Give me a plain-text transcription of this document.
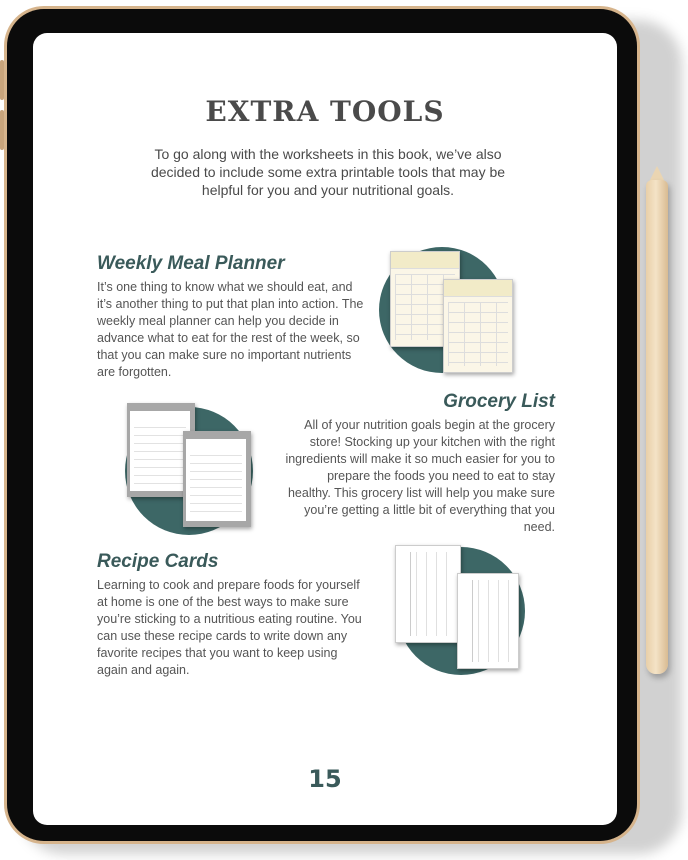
EXTRA TOOLS
To go along with the worksheets in this book, we’ve also decided to include some extra printable tools that may be helpful for you and your nutritional goals.
Weekly Meal Planner
It’s one thing to know what we should eat, and it’s another thing to put that plan into action. The weekly meal planner can help you decide in advance what to eat for the rest of the week, so that you can make sure no important nutrients are forgotten.
Grocery List
All of your nutrition goals begin at the grocery store! Stocking up your kitchen with the right ingredients will make it so much easier for you to prepare the foods you need to eat to stay healthy. This grocery list will help you make sure you’re getting a little bit of everything that you need.
Recipe Cards
Learning to cook and prepare foods for yourself at home is one of the best ways to make sure you’re sticking to a nutritious eating routine. You can use these recipe cards to write down any favorite recipes that you want to keep using again and again.
15
